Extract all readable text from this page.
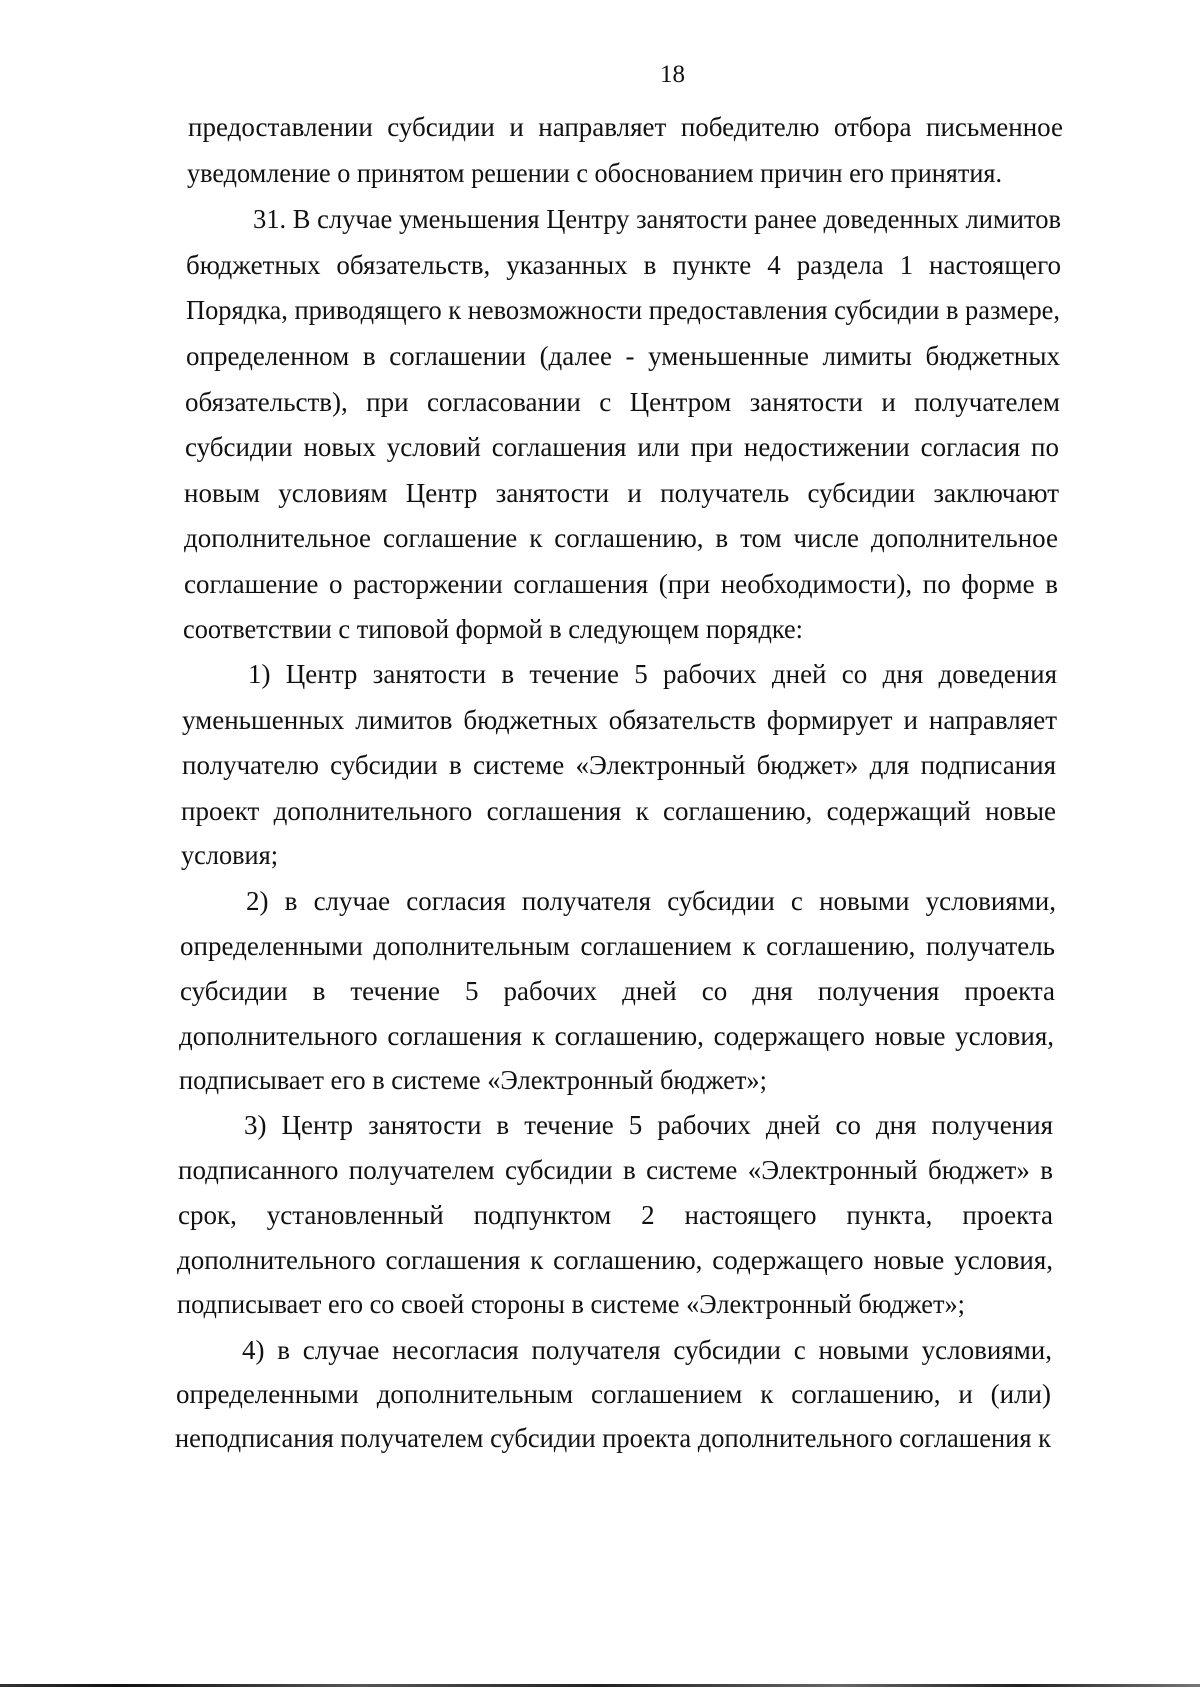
18
предоставлении субсидии и направляет победителю отбора письменное
уведомление о принятом решении с обоснованием причин его принятия.
31. В случае уменьшения Центру занятости ранее доведенных лимитов
бюджетных обязательств, указанных в пункте 4 раздела 1 настоящего
Порядка, приводящего к невозможности предоставления субсидии в размере,
определенном в соглашении (далее - уменьшенные лимиты бюджетных
обязательств), при согласовании с Центром занятости и получателем
субсидии новых условий соглашения или при недостижении согласия по
новым условиям Центр занятости и получатель субсидии заключают
дополнительное соглашение к соглашению, в том числе дополнительное
соглашение о расторжении соглашения (при необходимости), по форме в
соответствии с типовой формой в следующем порядке:
1) Центр занятости в течение 5 рабочих дней со дня доведения
уменьшенных лимитов бюджетных обязательств формирует и направляет
получателю субсидии в системе «Электронный бюджет» для подписания
проект дополнительного соглашения к соглашению, содержащий новые
условия;
2) в случае согласия получателя субсидии с новыми условиями,
определенными дополнительным соглашением к соглашению, получатель
субсидии в течение 5 рабочих дней со дня получения проекта
дополнительного соглашения к соглашению, содержащего новые условия,
подписывает его в системе «Электронный бюджет»;
3) Центр занятости в течение 5 рабочих дней со дня получения
подписанного получателем субсидии в системе «Электронный бюджет» в
срок, установленный подпунктом 2 настоящего пункта, проекта
дополнительного соглашения к соглашению, содержащего новые условия,
подписывает его со своей стороны в системе «Электронный бюджет»;
4) в случае несогласия получателя субсидии с новыми условиями,
определенными дополнительным соглашением к соглашению, и (или)
неподписания получателем субсидии проекта дополнительного соглашения к
